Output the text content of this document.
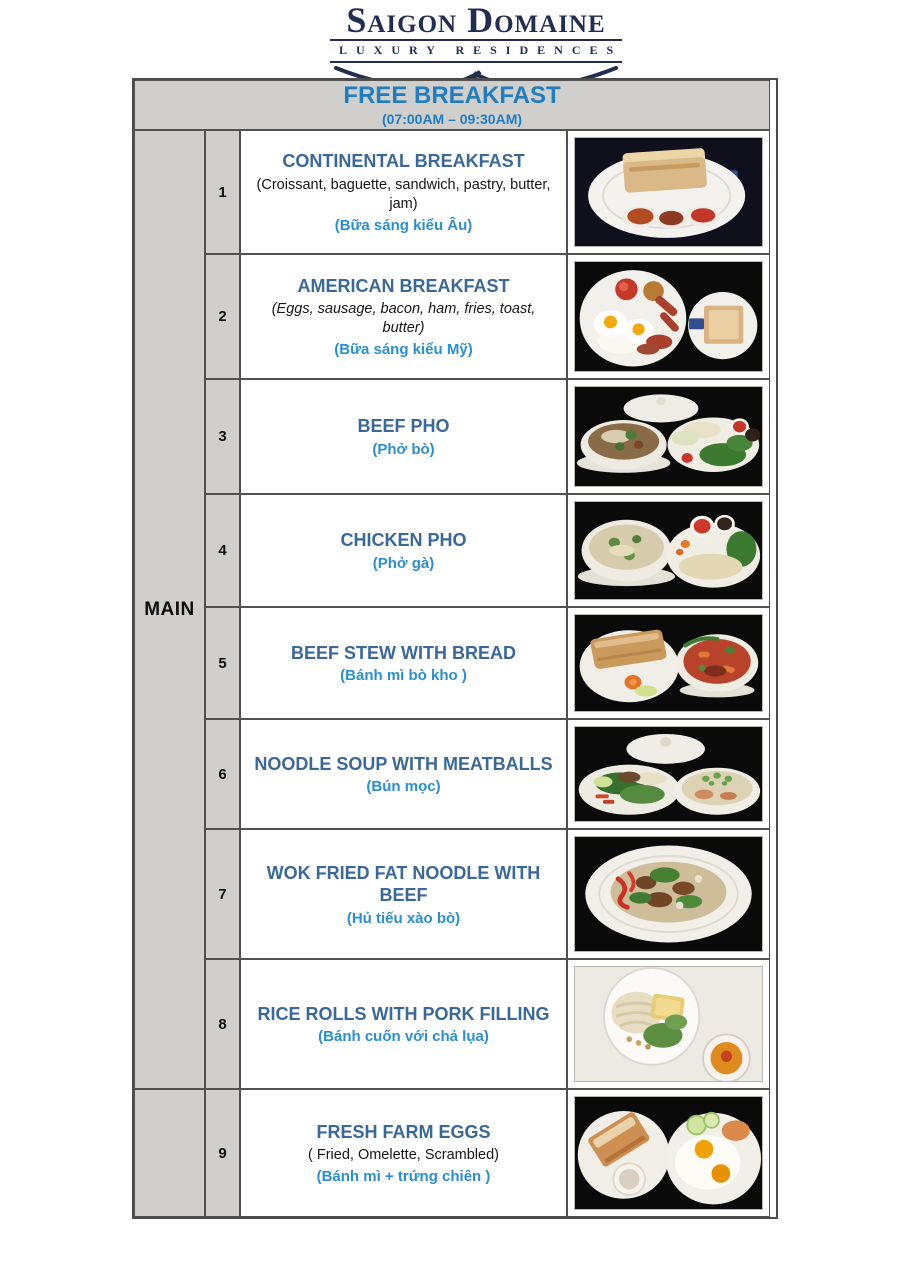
Saigon Domaine
LUXURY RESIDENCES
FREE BREAKFAST
(07:00AM – 09:30AM)
MAIN
1
CONTINENTAL BREAKFAST
(Croissant, baguette, sandwich, pastry, butter, jam)
(Bữa sáng kiểu Âu)
2
AMERICAN BREAKFAST
(Eggs, sausage, bacon, ham, fries, toast, butter)
(Bữa sáng kiểu Mỹ)
3
BEEF PHO
(Phở bò)
4
CHICKEN PHO
(Phở gà)
5
BEEF STEW WITH BREAD
(Bánh mì bò kho )
6
NOODLE SOUP WITH MEATBALLS
(Bún mọc)
7
WOK FRIED FAT NOODLE WITH BEEF
(Hủ tiếu xào bò)
8
RICE ROLLS WITH PORK FILLING
(Bánh cuốn với chả lụa)
9
FRESH FARM EGGS
( Fried, Omelette, Scrambled)
(Bánh mì + trứng chiên )
